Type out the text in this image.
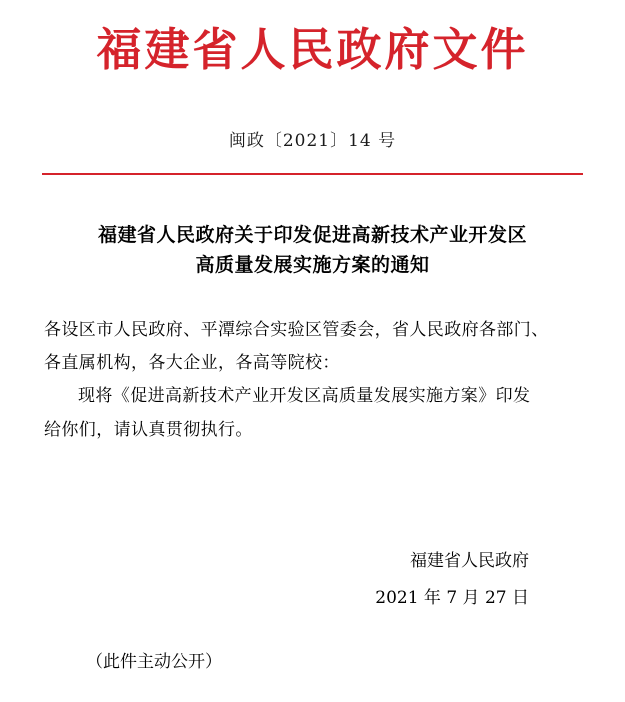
福建省人民政府文件
闽政〔2021〕14 号
福建省人民政府关于印发促进高新技术产业开发区
高质量发展实施方案的通知
各设区市人民政府、平潭综合实验区管委会，省人民政府各部门、
各直属机构，各大企业，各高等院校：
现将《促进高新技术产业开发区高质量发展实施方案》印发
给你们，请认真贯彻执行。
福建省人民政府
2021 年 7 月 27 日
（此件主动公开）
